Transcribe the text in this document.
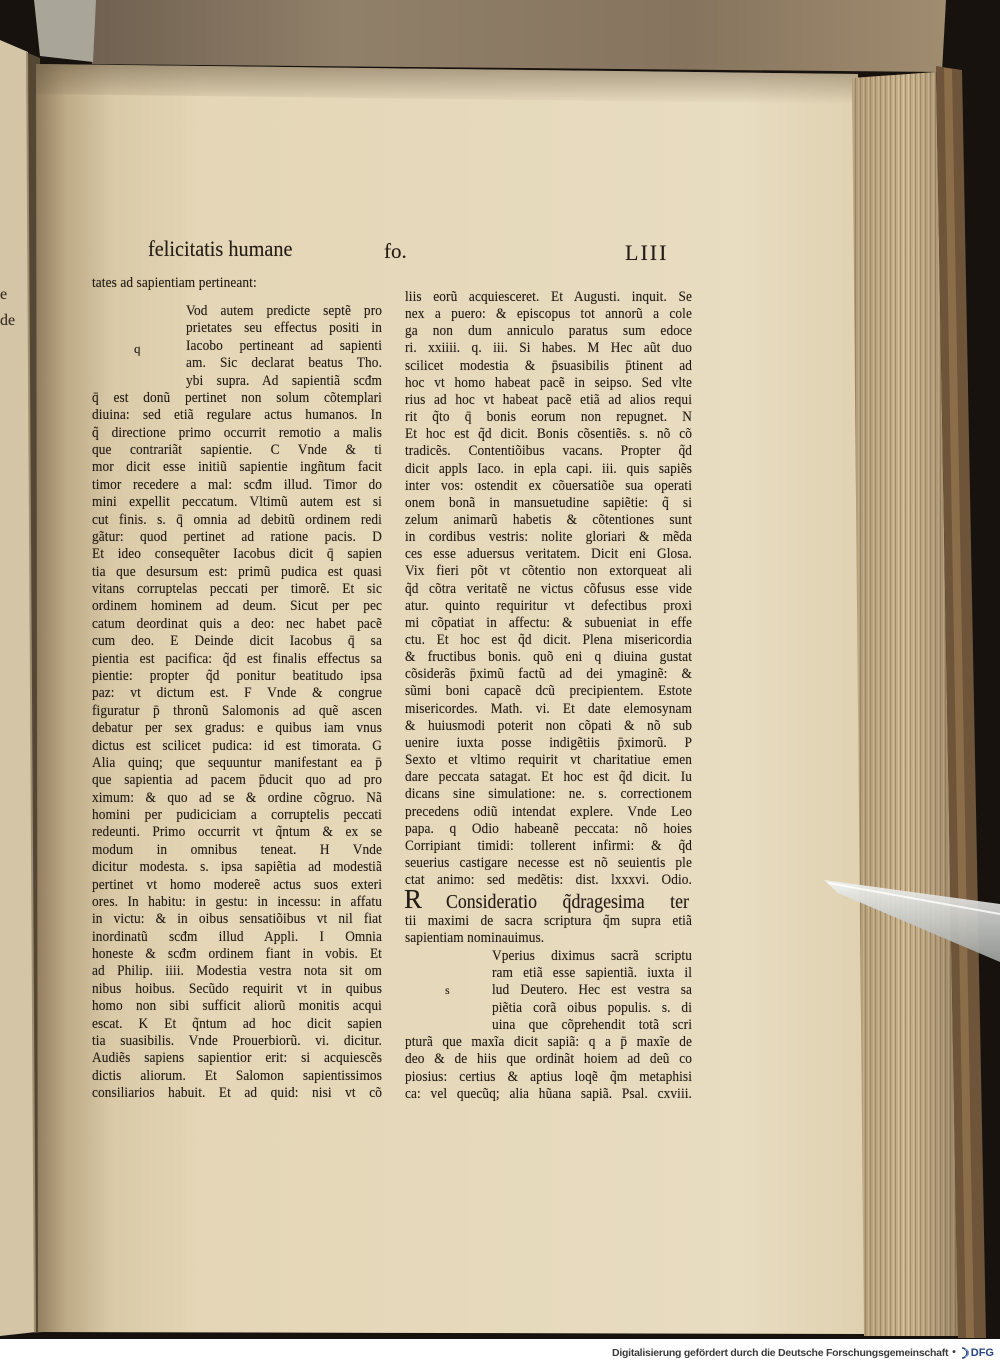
e
de
felicitatis humane	fo.	LIII
q
tates ad sapientiam pertineant:
Vod autem predicte septẽ pro
prietates seu effectus positi in
Iacobo pertineant ad sapienti
am. Sic declarat beatus Tho.
ybi supra. Ad sapientiã scđm
q̄ est donũ pertinet non solum cõtemplari
diuina: sed etiã regulare actus humanos. In
q̃ directione primo occurrit remotio a malis
que contrariãt sapientie. C Vnde & ti
mor dicit esse initiũ sapientie ingñtum facit
timor recedere a mal: scđm illud. Timor do
mini expellit peccatum. Vltimũ autem est si
cut finis. s. q̄ omnia ad debitũ ordinem redi
gãtur: quod pertinet ad ratione pacis. D
Et ideo consequẽter Iacobus dicit q̄ sapien
tia que desursum est: primũ pudica est quasi
vitans corruptelas peccati per timorẽ. Et sic
ordinem hominem ad deum. Sicut per pec
catum deordinat quis a deo: nec habet pacẽ
cum deo. E Deinde dicit Iacobus q̄ sa
pientia est pacifica: q̃d est finalis effectus sa
pientie: propter q̃d ponitur beatitudo ipsa
paz: vt dictum est. F Vnde & congrue
figuratur p̄ thronũ Salomonis ad quẽ ascen
debatur per sex gradus: e quibus iam vnus
dictus est scilicet pudica: id est timorata. G
Alia quinq; que sequuntur manifestant ea p̄
que sapientia ad pacem p̄ducit quo ad pro
ximum: & quo ad se & ordine cõgruo. Nã
homini per pudiciciam a corruptelis peccati
redeunti. Primo occurrit vt q̃ntum & ex se
modum in omnibus teneat. H Vnde
dicitur modesta. s. ipsa sapiẽtia ad modestiã
pertinet vt homo modereẽ actus suos exteri
ores. In habitu: in gestu: in incessu: in affatu
in victu: & in oibus sensatiõibus vt nil fiat
inordinatũ scđm illud Appli. I Omnia
honeste & scđm ordinem fiant in vobis. Et
ad Philip. iiii. Modestia vestra nota sit om
nibus hoibus. Secũdo requirit vt in quibus
homo non sibi sufficit aliorũ monitis acqui
escat. K Et q̃ntum ad hoc dicit sapien
tia suasibilis. Vnde Prouerbiorũ. vi. dicitur.
Audiẽs sapiens sapientior erit: si acquiescẽs
dictis aliorum. Et Salomon sapientissimos
consiliarios habuit. Et ad quid: nisi vt cõ
R Consideratio q̃dragesima ter
s
liis eorũ acquiesceret. Et Augusti. inquit. Se
nex a puero: & episcopus tot annorũ a cole
ga non dum anniculo paratus sum edoce
ri. xxiiii. q. iii. Si habes. M Hec aũt duo
scilicet modestia & p̄suasibilis p̄tinent ad
hoc vt homo habeat pacẽ in seipso. Sed vlte
rius ad hoc vt habeat pacẽ etiã ad alios requi
rit q̃to q̄ bonis eorum non repugnet. N
Et hoc est q̃d dicit. Bonis cõsentiẽs. s. nõ cõ
tradicẽs. Contentiõibus vacans. Propter q̃d
dicit appls Iaco. in epla capi. iii. quis sapiẽs
inter vos: ostendit ex cõuersatiõe sua operati
onem bonã in mansuetudine sapiẽtie: q̃ si
zelum animarũ habetis & cõtentiones sunt
in cordibus vestris: nolite gloriari & mẽda
ces esse aduersus veritatem. Dicit eni Glosa.
Vix fieri põt vt cõtentio non extorqueat ali
q̃d cõtra veritatẽ ne victus cõfusus esse vide
atur. quinto requiritur vt defectibus proxi
mi cõpatiat in affectu: & subueniat in effe
ctu. Et hoc est q̃d dicit. Plena misericordia
& fructibus bonis. quõ eni q diuina gustat
cõsiderãs p̄ximũ factũ ad dei ymaginẽ: &
sũmi boni capacẽ dcũ precipientem. Estote
misericordes. Math. vi. Et date elemosynam
& huiusmodi poterit non cõpati & nõ sub
uenire iuxta posse indigẽtiis p̄ximorũ. P
Sexto et vltimo requirit vt charitatiue emen
dare peccata satagat. Et hoc est q̃d dicit. Iu
dicans sine simulatione: ne. s. correctionem
precedens odiũ intendat explere. Vnde Leo
papa. q Odio habeanẽ peccata: nõ hoies
Corripiant timidi: tollerent infirmi: & q̃d
seuerius castigare necesse est nõ seuientis ple
ctat animo: sed medẽtis: dist. lxxxvi. Odio.
tii maximi de sacra scriptura q̃m supra etiã
sapientiam nominauimus.
Vperius diximus sacrã scriptu
ram etiã esse sapientiã. iuxta il
lud Deutero. Hec est vestra sa
piẽtia corã oibus populis. s. di
uina que cõprehendit totã scri
pturã que maxĩa dicit sapiã: q a p̄ maxĩe de
deo & de hiis que ordinãt hoiem ad deũ co
piosius: certius & aptius loqẽ q̃m metaphisi
ca: vel quecũq; alia hũana sapiã. Psal. cxviii.
Digitalisierung gefördert durch die Deutsche Forschungsgemeinschaft • DFG
